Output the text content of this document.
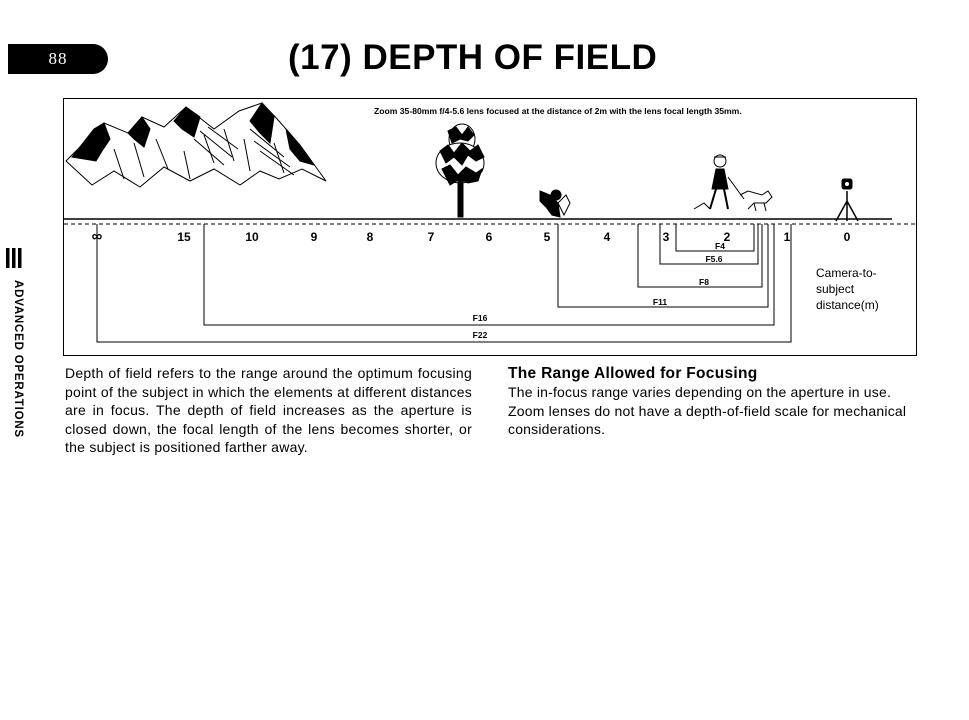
88	(17) DEPTH OF FIELD
ADVANCED OPERATIONS
Zoom 35-80mm f/4-5.6 lens focused at the distance of 2m with the lens focal length 35mm.
∞	15	10	9	8	7	6	5	4	3	2	1	0
F4
F5.6
F8
F11
F16
F22
Camera-to-
subject
distance(m)
Depth of field refers to the range around the optimum focusing point of the subject in which the elements at different distances are in focus. The depth of field increases as the aperture is closed down, the focal length of the lens becomes shorter, or the subject is positioned farther away.
The Range Allowed for Focusing

The in-focus range varies depending on the aperture in use. Zoom lenses do not have a depth-of-field scale for mechanical considerations.
